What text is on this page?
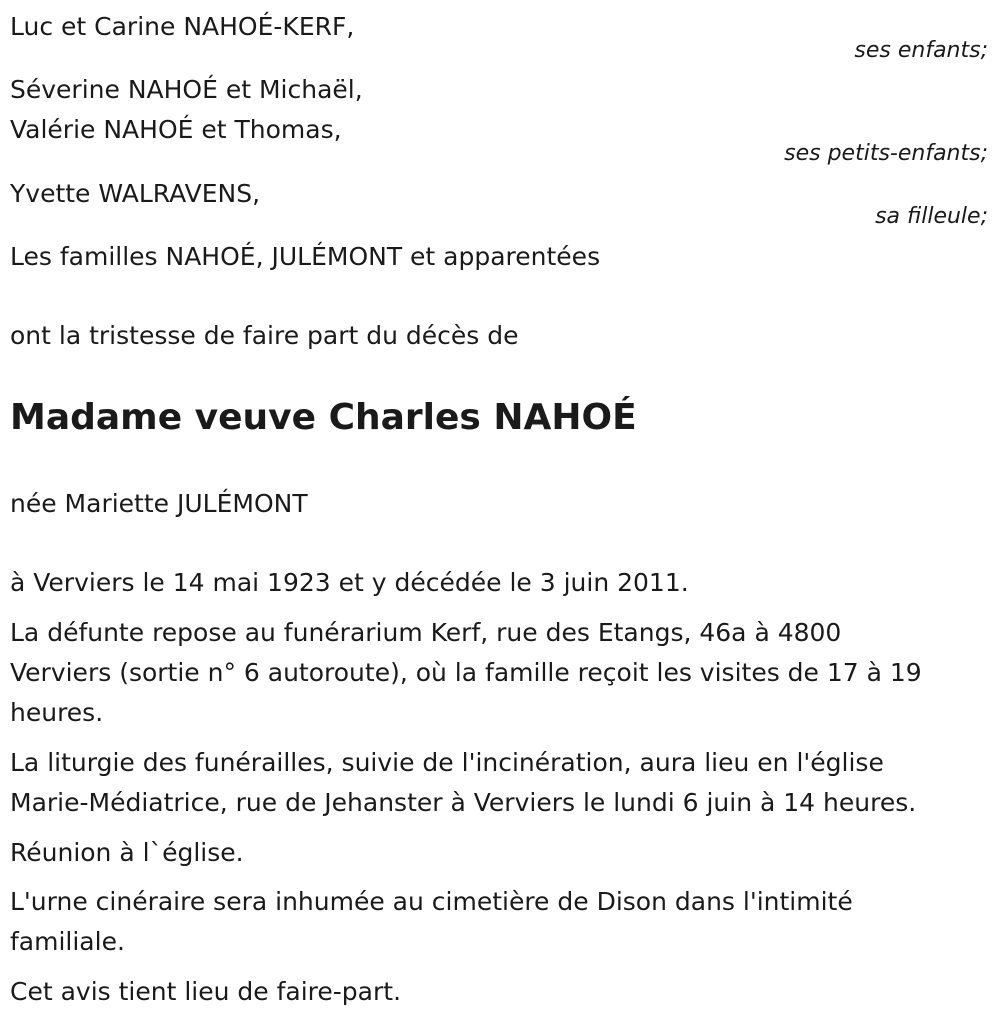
Luc et Carine NAHOÉ-KERF,
ses enfants;
Séverine NAHOÉ et Michaël,
Valérie NAHOÉ et Thomas,
ses petits-enfants;
Yvette WALRAVENS,
sa filleule;
Les familles NAHOÉ, JULÉMONT et apparentées
ont la tristesse de faire part du décès de
Madame veuve Charles NAHOÉ
née Mariette JULÉMONT
à Verviers le 14 mai 1923 et y décédée le 3 juin 2011.
La défunte repose au funérarium Kerf, rue des Etangs, 46a à 4800
Verviers (sortie n° 6 autoroute), où la famille reçoit les visites de 17 à 19
heures.
La liturgie des funérailles, suivie de l'incinération, aura lieu en l'église
Marie-Médiatrice, rue de Jehanster à Verviers le lundi 6 juin à 14 heures.
Réunion à l`église.
L'urne cinéraire sera inhumée au cimetière de Dison dans l'intimité
familiale.
Cet avis tient lieu de faire-part.
